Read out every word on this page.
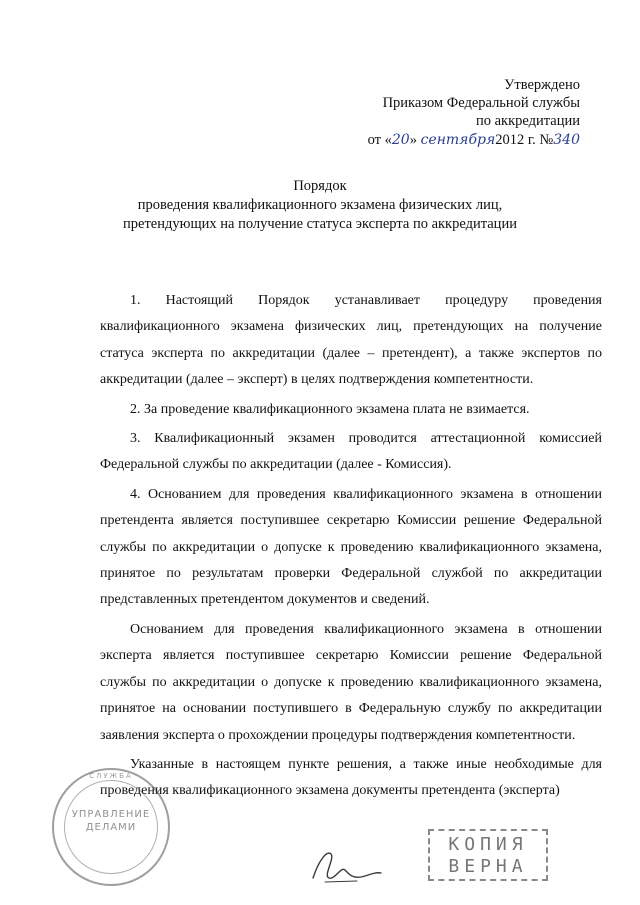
Утверждено
Приказом Федеральной службы
по аккредитации
от «20» сентября2012 г. №340
Порядок
проведения квалификационного экзамена физических лиц,
претендующих на получение статуса эксперта по аккредитации

1. Настоящий Порядок устанавливает процедуру проведения квалификационного экзамена физических лиц, претендующих на получение статуса эксперта по аккредитации (далее – претендент), а также экспертов по аккредитации (далее – эксперт) в целях подтверждения компетентности.

2. За проведение квалификационного экзамена плата не взимается.

3. Квалификационный экзамен проводится аттестационной комиссией Федеральной службы по аккредитации (далее - Комиссия).

4. Основанием для проведения квалификационного экзамена в отношении претендента является поступившее секретарю Комиссии решение Федеральной службы по аккредитации о допуске к проведению квалификационного экзамена, принятое по результатам проверки Федеральной службой по аккредитации представленных претендентом документов и сведений.

Основанием для проведения квалификационного экзамена в отношении эксперта является поступившее секретарю Комиссии решение Федеральной службы по аккредитации о допуске к проведению квалификационного экзамена, принятое на основании поступившего в Федеральную службу по аккредитации заявления эксперта о прохождении процедуры подтверждения компетентности.

Указанные в настоящем пункте решения, а также иные необходимые для проведения квалификационного экзамена документы претендента (эксперта)

СЛУЖБА
УПРАВЛЕНИЕ
ДЕЛАМИ
КОПИЯ
ВЕРНА
